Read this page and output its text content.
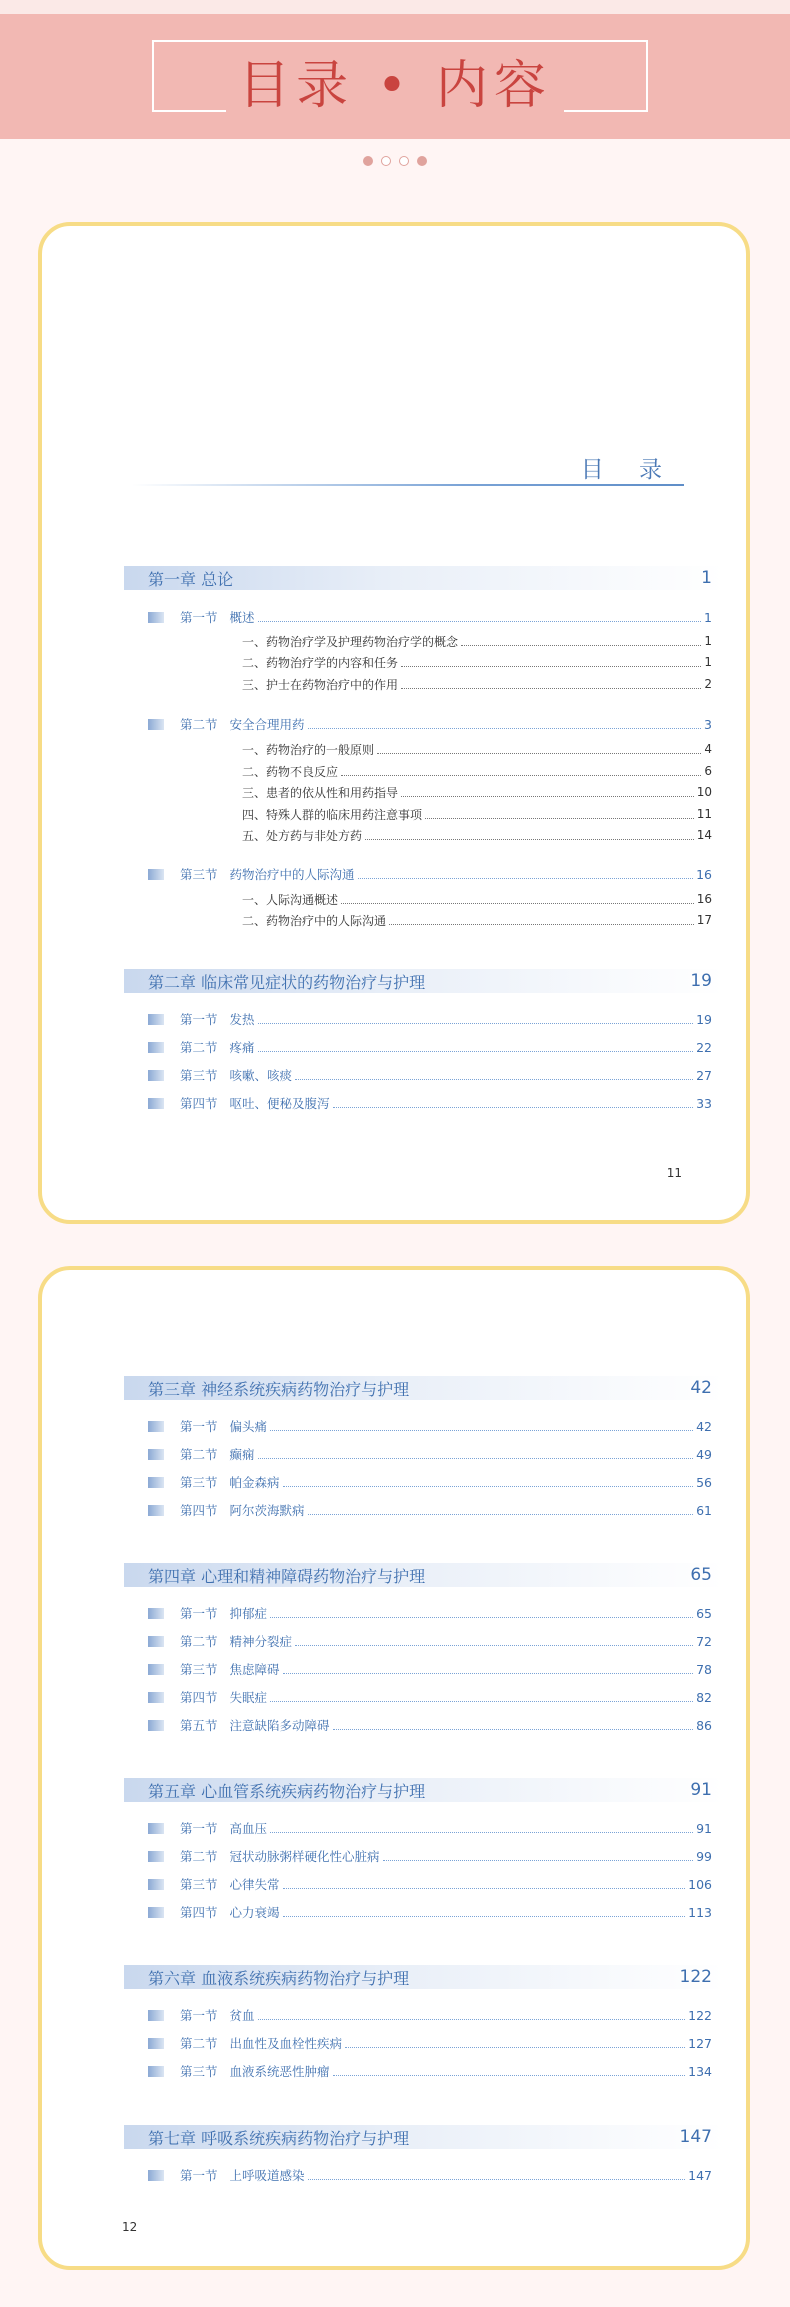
目录 • 内容
目 录
第一章 总论	1
第一节 概述	1
一、药物治疗学及护理药物治疗学的概念	1
二、药物治疗学的内容和任务	1
三、护士在药物治疗中的作用	2
第二节 安全合理用药	3
一、药物治疗的一般原则	4
二、药物不良反应	6
三、患者的依从性和用药指导	10
四、特殊人群的临床用药注意事项	11
五、处方药与非处方药	14
第三节 药物治疗中的人际沟通	16
一、人际沟通概述	16
二、药物治疗中的人际沟通	17
第二章 临床常见症状的药物治疗与护理	19
第一节 发热	19
第二节 疼痛	22
第三节 咳嗽、咳痰	27
第四节 呕吐、便秘及腹泻	33
11
第三章 神经系统疾病药物治疗与护理	42
第一节 偏头痛	42
第二节 癫痫	49
第三节 帕金森病	56
第四节 阿尔茨海默病	61
第四章 心理和精神障碍药物治疗与护理	65
第一节 抑郁症	65
第二节 精神分裂症	72
第三节 焦虑障碍	78
第四节 失眠症	82
第五节 注意缺陷多动障碍	86
第五章 心血管系统疾病药物治疗与护理	91
第一节 高血压	91
第二节 冠状动脉粥样硬化性心脏病	99
第三节 心律失常	106
第四节 心力衰竭	113
第六章 血液系统疾病药物治疗与护理	122
第一节 贫血	122
第二节 出血性及血栓性疾病	127
第三节 血液系统恶性肿瘤	134
第七章 呼吸系统疾病药物治疗与护理	147
第一节 上呼吸道感染	147
12
